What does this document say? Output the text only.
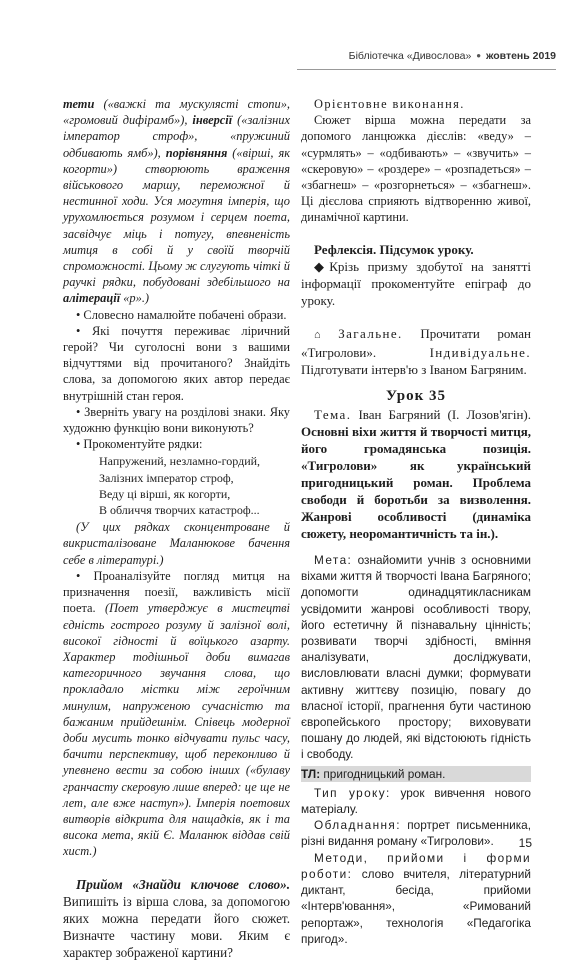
Бібліотечка «Дивослова» ● жовтень 2019

тети («важкі та мускулясті стопи», «громовий дифірамб»), інверсії («залізних імператор строф», «пружиний одбивають ямб»), порівняння («вірші, як когорти») створюють враження військового маршу, переможної й нестинної ходи. Уся могутня імперія, що урухомлюється розумом і серцем поета, засвідчує міць і потугу, впевненість митця в собі й у своїй творчій спроможності. Цьому ж слугують чіткі й раучкі рядки, побудовані здебільшого на алітерації «р».)

• Словесно намалюйте побачені образи.

• Які почуття переживає ліричний герой? Чи суголосні вони з вашими відчуттями від прочитаного? Знайдіть слова, за допомогою яких автор передає внутрішній стан героя.

• Зверніть увагу на розділові знаки. Яку художню функцію вони виконують?

• Прокоментуйте рядки:

Напружений, незламно-гордий,
Залізних імператор строф,
Веду ці вірші, як когорти,
В обличчя творчих катастроф...

(У цих рядках сконцентроване й викристалізоване Маланюкове бачення себе в літературі.)

• Проаналізуйте погляд митця на призначення поезії, важливість місії поета. (Поет утверджує в мистецтві єдність гострого розуму й залізної волі, високої гідності й воїцького азарту. Характер тодішньої доби вимагав категоричного звучання слова, що прокладало містки між героїчним минулим, напруженою сучасністю та бажаним прийдешнім. Співець модерної доби мусить тонко відчувати пульс часу, бачити перспективу, щоб переконливо й упевнено вести за собою інших («булаву гранчасту скеровую лише вперед: це ще не лет, але вже наступ»). Імперія поетових витворів відкрита для нащадків, як і та висока мета, якій Є. Маланюк віддав свій хист.)

Прийом «Знайди ключове слово». Випишіть із вірша слова, за допомогою яких можна передати його сюжет. Визначте частину мови. Яким є характер зображеної картини?

Орієнтовне виконання.

Сюжет вірша можна передати за допомого ланцюжка дієслів: «веду» – «сурмлять» – «одбивають» – «звучить» – «скеровую» – «роздере» – «розпадеться» – «збагнеш» – «розгорнеться» – «збагнеш». Ці дієслова сприяють відтворенню живої, динамічної картини.

Рефлексія. Підсумок уроку.

◆Крізь призму здобутої на занятті інформації прокоментуйте епіграф до уроку.

⌂ Загальне. Прочитати роман «Тигролови». Індивідуальне. Підготувати інтерв'ю з Іваном Багряним.

Урок 35

Тема. Іван Багряний (І. Лозов'ягін). Основні віхи життя й творчості митця, його громадянська позиція. «Тигролови» як український пригодницький роман. Проблема свободи й боротьби за визволення. Жанрові особливості (динаміка сюжету, неоромантичність та ін.).

Мета: ознайомити учнів з основними віхами життя й творчості Івана Багряного; допомогти одинадцятикласникам усвідомити жанрові особливості твору, його естетичну й пізнавальну цінність; розвивати творчі здібності, вміння аналізувати, досліджувати, висловлювати власні думки; формувати активну життєву позицію, повагу до власної історії, прагнення бути частиною європейського простору; виховувати пошану до людей, які відстоюють гідність і свободу.

ТЛ: пригодницький роман.

Тип уроку: урок вивчення нового матеріалу.

Обладнання: портрет письменника, різні видання роману «Тигролови».

Методи, прийоми і форми роботи: слово вчителя, літературний диктант, бесіда, прийоми «Інтерв'ювання», «Римований репортаж», технологія «Педагогіка пригод».

15
